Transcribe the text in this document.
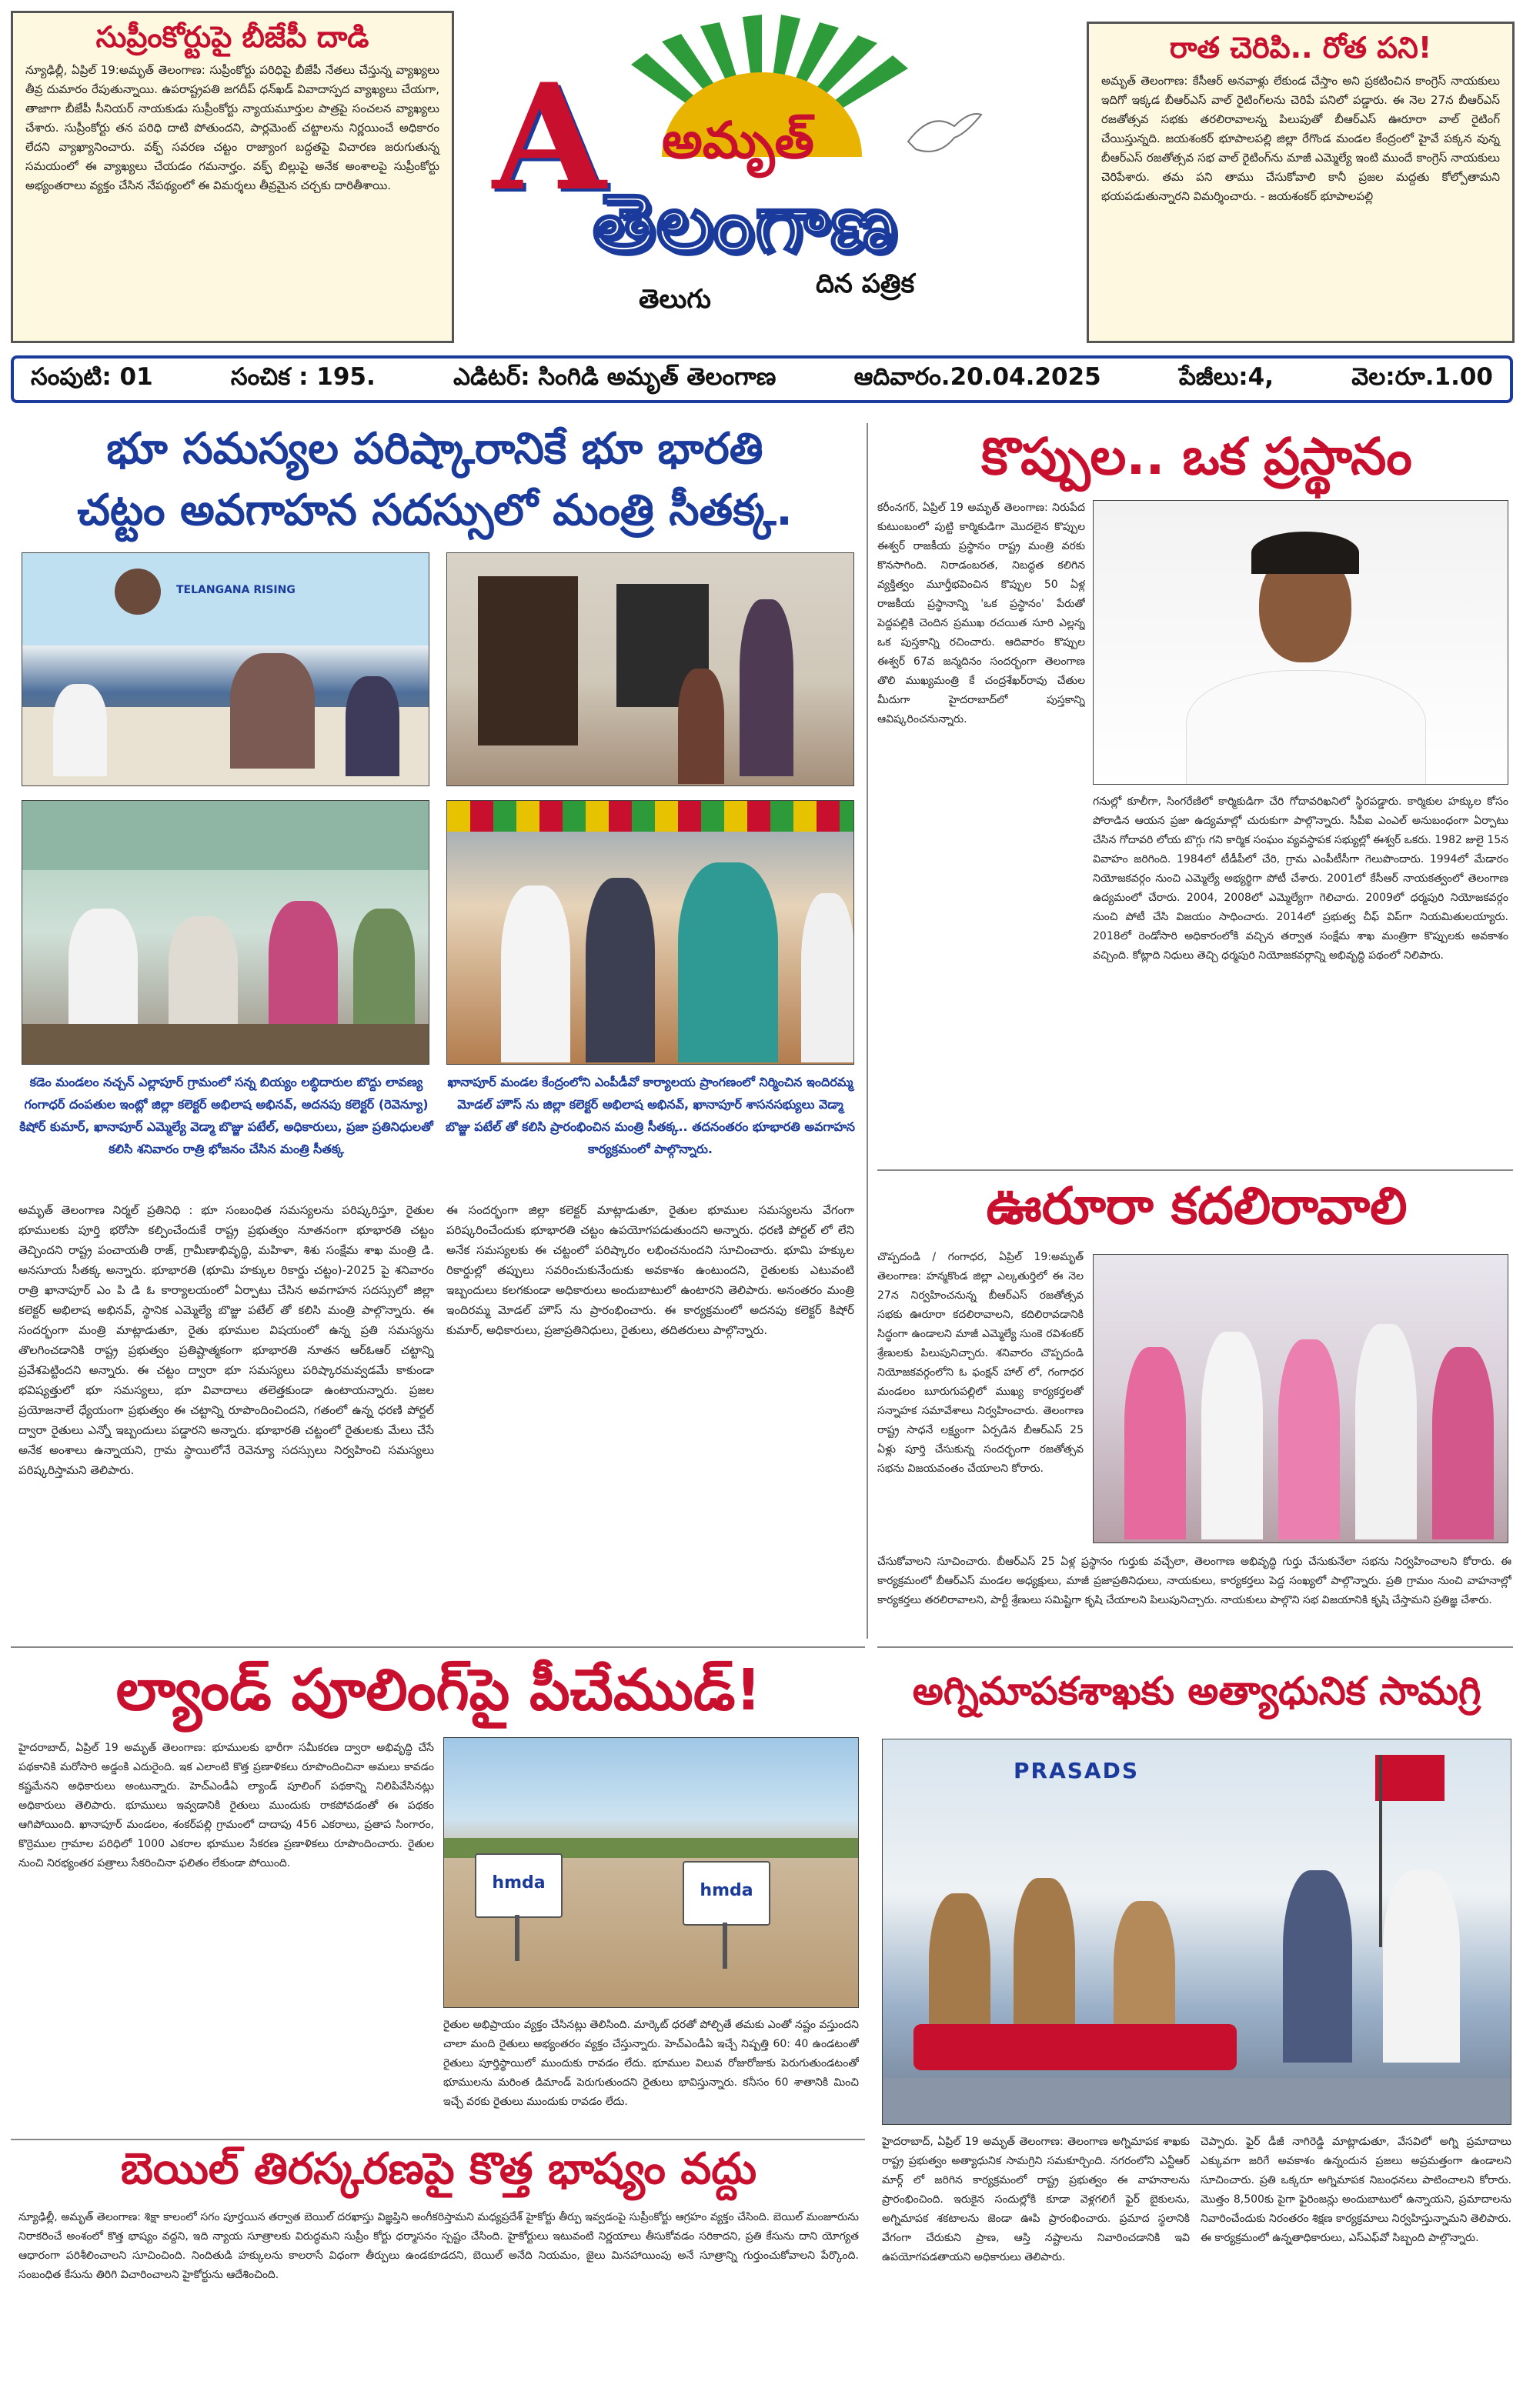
సుప్రీంకోర్టుపై బీజేపీ దాడి
న్యూఢిల్లీ, ఏప్రిల్ 19:అమృత్ తెలంగాణ: సుప్రీంకోర్టు పరిధిపై బీజేపీ నేతలు చేస్తున్న వ్యాఖ్యలు తీవ్ర దుమారం రేపుతున్నాయి. ఉపరాష్ట్రపతి జగదీప్ ధన్‌ఖడ్ వివాదాస్పద వ్యాఖ్యలు చేయగా, తాజాగా బీజేపీ సీనియర్ నాయకుడు సుప్రీంకోర్టు న్యాయమూర్తుల పాత్రపై సంచలన వ్యాఖ్యలు చేశారు. సుప్రీంకోర్టు తన పరిధి దాటి పోతుందని, పార్లమెంట్ చట్టాలను నిర్ణయించే అధికారం లేదని వ్యాఖ్యానించారు. వక్ఫ్ సవరణ చట్టం రాజ్యాంగ బద్ధతపై విచారణ జరుగుతున్న సమయంలో ఈ వ్యాఖ్యలు చేయడం గమనార్హం. వక్ఫ్ బిల్లుపై అనేక అంశాలపై సుప్రీంకోర్టు అభ్యంతరాలు వ్యక్తం చేసిన నేపథ్యంలో ఈ విమర్శలు తీవ్రమైన చర్చకు దారితీశాయి. A అమృత్
తెలంగాణ
తెలుగు	దిన పత్రిక
రాత చెరిపి.. రోత పని!
అమృత్ తెలంగాణ: కేసీఆర్ అనవాళ్లు లేకుండ చేస్తాం అని ప్రకటించిన కాంగ్రెస్ నాయకులు ఇదిగో ఇక్కడ బీఆర్ఎస్ వాల్ రైటింగ్‌లను చెరిపే పనిలో పడ్డారు. ఈ నెల 27న బీఆర్ఎస్ రజతోత్సవ సభకు తరలిరావాలన్న పిలుపుతో బీఆర్ఎస్ ఊరూరా వాల్ రైటింగ్ చేయిస్తున్నది. జయశంకర్ భూపాలపల్లి జిల్లా రేగొండ మండల కేంద్రంలో హైవే పక్కన వున్న బీఆర్ఎస్ రజతోత్సవ సభ వాల్ రైటింగ్‌ను మాజీ ఎమ్మెల్యే ఇంటి ముందే కాంగ్రెస్ నాయకులు చెరిపేశారు. తమ పని తాము చేసుకోవాలి కానీ ప్రజల మద్దతు కోల్పోతామని భయపడుతున్నారని విమర్శించారు. - జయశంకర్ భూపాలపల్లి
సంపుటి: 01	సంచిక : 195.	ఎడిటర్: సింగిడి అమృత్ తెలంగాణ	ఆదివారం.20.04.2025	పేజీలు:4,	వెల:రూ.1.00
భూ సమస్యల పరిష్కారానికే భూ భారతి
చట్టం అవగాహన సదస్సులో మంత్రి సీతక్క.
TELANGANA RISING
కడెం మండలం నచ్చన్ ఎల్లాపూర్ గ్రామంలో సన్న బియ్యం లబ్ధిదారుల బొద్దు లావణ్య గంగాధర్ దంపతుల ఇంట్లో జిల్లా కలెక్టర్ అభిలాష అభినవ్, అదనపు కలెక్టర్ (రెవెన్యూ) కిషోర్ కుమార్, ఖానాపూర్ ఎమ్మెల్యే వెడ్మా బొజ్జు పటేల్, అధికారులు, ప్రజా ప్రతినిధులతో కలిసి శనివారం రాత్రి భోజనం చేసిన మంత్రి సీతక్క
ఖానాపూర్ మండల కేంద్రంలోని ఎంపీడీవో కార్యాలయ ప్రాంగణంలో నిర్మించిన ఇందిరమ్మ మోడల్ హౌస్ ను జిల్లా కలెక్టర్ అభిలాష అభినవ్, ఖానాపూర్ శాసనసభ్యులు వెడ్మా బొజ్జు పటేల్ తో కలిసి ప్రారంభించిన మంత్రి సీతక్క.. తదనంతరం భూభారతి అవగాహన కార్యక్రమంలో పాల్గొన్నారు.
అమృత్ తెలంగాణ నిర్మల్ ప్రతినిధి : భూ సంబంధిత సమస్యలను పరిష్కరిస్తూ, రైతుల భూములకు పూర్తి భరోసా కల్పించేందుకే రాష్ట్ర ప్రభుత్వం నూతనంగా భూభారతి చట్టం తెచ్చిందని రాష్ట్ర పంచాయతీ రాజ్, గ్రామీణాభివృద్ధి, మహిళా, శిశు సంక్షేమ శాఖ మంత్రి డి. అనసూయ సీతక్క అన్నారు. భూభారతి (భూమి హక్కుల రికార్డు చట్టం)-2025 పై శనివారం రాత్రి ఖానాపూర్ ఎం పి డి ఓ కార్యాలయంలో ఏర్పాటు చేసిన అవగాహన సదస్సులో జిల్లా కలెక్టర్ అభిలాష అభినవ్, స్థానిక ఎమ్మెల్యే బొజ్జు పటేల్ తో కలిసి మంత్రి పాల్గొన్నారు. ఈ సందర్భంగా మంత్రి మాట్లాడుతూ, రైతు భూముల విషయంలో ఉన్న ప్రతి సమస్యను తొలగించడానికి రాష్ట్ర ప్రభుత్వం ప్రతిష్టాత్మకంగా భూభారతి నూతన ఆర్ఓఆర్ చట్టాన్ని ప్రవేశపెట్టిందని అన్నారు. ఈ చట్టం ద్వారా భూ సమస్యలు పరిష్కారమవ్వడమే కాకుండా భవిష్యత్తులో భూ సమస్యలు, భూ వివాదాలు తలెత్తకుండా ఉంటాయన్నారు. ప్రజల ప్రయోజనాలే ధ్యేయంగా ప్రభుత్వం ఈ చట్టాన్ని రూపొందించిందని, గతంలో ఉన్న ధరణి పోర్టల్ ద్వారా రైతులు ఎన్నో ఇబ్బందులు పడ్డారని అన్నారు. భూభారతి చట్టంలో రైతులకు మేలు చేసే అనేక అంశాలు ఉన్నాయని, గ్రామ స్థాయిలోనే రెవెన్యూ సదస్సులు నిర్వహించి సమస్యలు పరిష్కరిస్తామని తెలిపారు.
ఈ సందర్భంగా జిల్లా కలెక్టర్ మాట్లాడుతూ, రైతుల భూముల సమస్యలను వేగంగా పరిష్కరించేందుకు భూభారతి చట్టం ఉపయోగపడుతుందని అన్నారు. ధరణి పోర్టల్ లో లేని అనేక సమస్యలకు ఈ చట్టంలో పరిష్కారం లభించనుందని సూచించారు. భూమి హక్కుల రికార్డుల్లో తప్పులు సవరించుకునేందుకు అవకాశం ఉంటుందని, రైతులకు ఎటువంటి ఇబ్బందులు కలగకుండా అధికారులు అందుబాటులో ఉంటారని తెలిపారు. అనంతరం మంత్రి ఇందిరమ్మ మోడల్ హౌస్ ను ప్రారంభించారు. ఈ కార్యక్రమంలో అదనపు కలెక్టర్ కిషోర్ కుమార్, అధికారులు, ప్రజాప్రతినిధులు, రైతులు, తదితరులు పాల్గొన్నారు.
కొప్పుల.. ఒక ప్రస్థానం
కరీంనగర్, ఏప్రిల్ 19 అమృత్ తెలంగాణ: నిరుపేద కుటుంబంలో పుట్టి కార్మికుడిగా మొదలైన కొప్పుల ఈశ్వర్ రాజకీయ ప్రస్థానం రాష్ట్ర మంత్రి వరకు కొనసాగింది. నిరాడంబరత, నిబద్ధత కలిగిన వ్యక్తిత్వం మూర్తీభవించిన కొప్పుల 50 ఏళ్ల రాజకీయ ప్రస్థానాన్ని 'ఒక ప్రస్థానం' పేరుతో పెద్దపల్లికి చెందిన ప్రముఖ రచయిత సూరి ఎల్లన్న ఒక పుస్తకాన్ని రచించారు. ఆదివారం కొప్పుల ఈశ్వర్ 67వ జన్మదినం సందర్భంగా తెలంగాణ తొలి ముఖ్యమంత్రి కే చంద్రశేఖర్‌రావు చేతుల మీదుగా హైదరాబాద్‌లో పుస్తకాన్ని ఆవిష్కరించనున్నారు.
గనుల్లో కూలీగా, సింగరేణిలో కార్మికుడిగా చేరి గోదావరిఖనిలో స్థిరపడ్డారు. కార్మికుల హక్కుల కోసం పోరాడిన ఆయన ప్రజా ఉద్యమాల్లో చురుకుగా పాల్గొన్నారు. సీపీఐ ఎంఎల్ అనుబంధంగా ఏర్పాటు చేసిన గోదావరి లోయ బొగ్గు గని కార్మిక సంఘం వ్యవస్థాపక సభ్యుల్లో ఈశ్వర్ ఒకరు. 1982 జులై 15న వివాహం జరిగింది. 1984లో టీడీపీలో చేరి, గ్రామ ఎంపీటీసీగా గెలుపొందారు. 1994లో మేడారం నియోజకవర్గం నుంచి ఎమ్మెల్యే అభ్యర్థిగా పోటీ చేశారు. 2001లో కేసీఆర్ నాయకత్వంలో తెలంగాణ ఉద్యమంలో చేరారు. 2004, 2008లో ఎమ్మెల్యేగా గెలిచారు. 2009లో ధర్మపురి నియోజకవర్గం నుంచి పోటీ చేసి విజయం సాధించారు. 2014లో ప్రభుత్వ చీఫ్ విప్‌గా నియమితులయ్యారు. 2018లో రెండోసారి అధికారంలోకి వచ్చిన తర్వాత సంక్షేమ శాఖ మంత్రిగా కొప్పులకు అవకాశం వచ్చింది. కోట్లాది నిధులు తెచ్చి ధర్మపురి నియోజకవర్గాన్ని అభివృద్ధి పథంలో నిలిపారు.
ఊరూరా కదలిరావాలి
చొప్పదండి / గంగాధర, ఏప్రిల్ 19:అమృత్ తెలంగాణ: హన్మకొండ జిల్లా ఎల్కతుర్తిలో ఈ నెల 27న నిర్వహించనున్న బీఆర్ఎస్ రజతోత్సవ సభకు ఊరూరా కదలిరావాలని, కదిలిరావడానికి సిద్ధంగా ఉండాలని మాజీ ఎమ్మెల్యే సుంకె రవిశంకర్ శ్రేణులకు పిలుపునిచ్చారు. శనివారం చొప్పదండి నియోజకవర్గంలోని ఓ ఫంక్షన్ హాల్ లో, గంగాధర మండలం బూరుగుపల్లిలో ముఖ్య కార్యకర్తలతో సన్నాహక సమావేశాలు నిర్వహించారు. తెలంగాణ రాష్ట్ర సాధనే లక్ష్యంగా ఏర్పడిన బీఆర్ఎస్ 25 ఏళ్లు పూర్తి చేసుకున్న సందర్భంగా రజతోత్సవ సభను విజయవంతం చేయాలని కోరారు.
చేసుకోవాలని సూచించారు. బీఆర్ఎస్ 25 ఏళ్ల ప్రస్థానం గుర్తుకు వచ్చేలా, తెలంగాణ అభివృద్ధి గుర్తు చేసుకునేలా సభను నిర్వహించాలని కోరారు. ఈ కార్యక్రమంలో బీఆర్ఎస్ మండల అధ్యక్షులు, మాజీ ప్రజాప్రతినిధులు, నాయకులు, కార్యకర్తలు పెద్ద సంఖ్యలో పాల్గొన్నారు. ప్రతి గ్రామం నుంచి వాహనాల్లో కార్యకర్తలు తరలిరావాలని, పార్టీ శ్రేణులు సమిష్టిగా కృషి చేయాలని పిలుపునిచ్చారు. నాయకులు పాల్గొని సభ విజయానికి కృషి చేస్తామని ప్రతిజ్ఞ చేశారు.
ల్యాండ్ పూలింగ్‌పై పీచేముడ్!
హైదరాబాద్, ఏప్రిల్ 19 అమృత్ తెలంగాణ: భూములకు భారీగా సమీకరణ ద్వారా అభివృద్ధి చేసే పథకానికి మరోసారి అడ్డంకి ఎదురైంది. ఇక ఎలాంటి కొత్త ప్రణాళికలు రూపొందించినా అమలు కావడం కష్టమేనని అధికారులు అంటున్నారు. హెచ్ఎండీఏ ల్యాండ్ పూలింగ్ పథకాన్ని నిలిపివేసినట్లు అధికారులు తెలిపారు. భూములు ఇవ్వడానికి రైతులు ముందుకు రాకపోవడంతో ఈ పథకం ఆగిపోయింది. ఖానాపూర్ మండలం, శంకర్‌పల్లి గ్రామంలో దాదాపు 456 ఎకరాలు, ప్రతాప సింగారం, కొర్రెముల గ్రామాల పరిధిలో 1000 ఎకరాల భూముల సేకరణ ప్రణాళికలు రూపొందించారు. రైతుల నుంచి నిరభ్యంతర పత్రాలు సేకరించినా ఫలితం లేకుండా పోయింది.
hmda	hmda
రైతుల అభిప్రాయం వ్యక్తం చేసినట్లు తెలిసింది. మార్కెట్ ధరతో పోల్చితే తమకు ఎంతో నష్టం వస్తుందని చాలా మంది రైతులు అభ్యంతరం వ్యక్తం చేస్తున్నారు. హెచ్ఎండీఏ ఇచ్చే నిష్పత్తి 60: 40 ఉండటంతో రైతులు పూర్తిస్థాయిలో ముందుకు రావడం లేదు. భూముల విలువ రోజురోజుకు పెరుగుతుండటంతో భూములను మరింత డిమాండ్ పెరుగుతుందని రైతులు భావిస్తున్నారు. కనీసం 60 శాతానికి మించి ఇచ్చే వరకు రైతులు ముందుకు రావడం లేదు.
అగ్నిమాపకశాఖకు అత్యాధునిక సామగ్రి
PRASADS
హైదరాబాద్, ఏప్రిల్ 19 అమృత్ తెలంగాణ: తెలంగాణ అగ్నిమాపక శాఖకు రాష్ట్ర ప్రభుత్వం అత్యాధునిక సామగ్రిని సమకూర్చింది. నగరంలోని ఎన్టీఆర్ మార్గ్ లో జరిగిన కార్యక్రమంలో రాష్ట్ర ప్రభుత్వం ఈ వాహనాలను ప్రారంభించింది. ఇరుకైన సందుల్లోకి కూడా వెళ్లగలిగే ఫైర్ బైకులను, అగ్నిమాపక శకటాలను జెండా ఊపి ప్రారంభించారు. ప్రమాద స్థలానికి వేగంగా చేరుకుని ప్రాణ, ఆస్తి నష్టాలను నివారించడానికి ఇవి ఉపయోగపడతాయని అధికారులు తెలిపారు.
చెప్పారు. ఫైర్ డీజీ నాగిరెడ్డి మాట్లాడుతూ, వేసవిలో అగ్ని ప్రమాదాలు ఎక్కువగా జరిగే అవకాశం ఉన్నందున ప్రజలు అప్రమత్తంగా ఉండాలని సూచించారు. ప్రతి ఒక్కరూ అగ్నిమాపక నిబంధనలు పాటించాలని కోరారు. మొత్తం 8,500కు పైగా ఫైరింజన్లు అందుబాటులో ఉన్నాయని, ప్రమాదాలను నివారించేందుకు నిరంతరం శిక్షణ కార్యక్రమాలు నిర్వహిస్తున్నామని తెలిపారు. ఈ కార్యక్రమంలో ఉన్నతాధికారులు, ఎస్ఎఫ్‌వో సిబ్బంది పాల్గొన్నారు.
బెయిల్ తిరస్కరణపై కొత్త భాష్యం వద్దు
న్యూఢిల్లీ, అమృత్ తెలంగాణ: శిక్షా కాలంలో సగం పూర్తయిన తర్వాత బెయిల్ దరఖాస్తు విజ్ఞప్తిని అంగీకరిస్తామని మధ్యప్రదేశ్ హైకోర్టు తీర్పు ఇవ్వడంపై సుప్రీంకోర్టు ఆగ్రహం వ్యక్తం చేసింది. బెయిల్ మంజూరును నిరాకరించే అంశంలో కొత్త భాష్యం వద్దని, ఇది న్యాయ సూత్రాలకు విరుద్ధమని సుప్రీం కోర్టు ధర్మాసనం స్పష్టం చేసింది. హైకోర్టులు ఇటువంటి నిర్ణయాలు తీసుకోవడం సరికాదని, ప్రతి కేసును దాని యోగ్యత ఆధారంగా పరిశీలించాలని సూచించింది. నిందితుడి హక్కులను కాలరాసే విధంగా తీర్పులు ఉండకూడదని, బెయిల్ అనేది నియమం, జైలు మినహాయింపు అనే సూత్రాన్ని గుర్తుంచుకోవాలని పేర్కొంది. సంబంధిత కేసును తిరిగి విచారించాలని హైకోర్టును ఆదేశించింది.
